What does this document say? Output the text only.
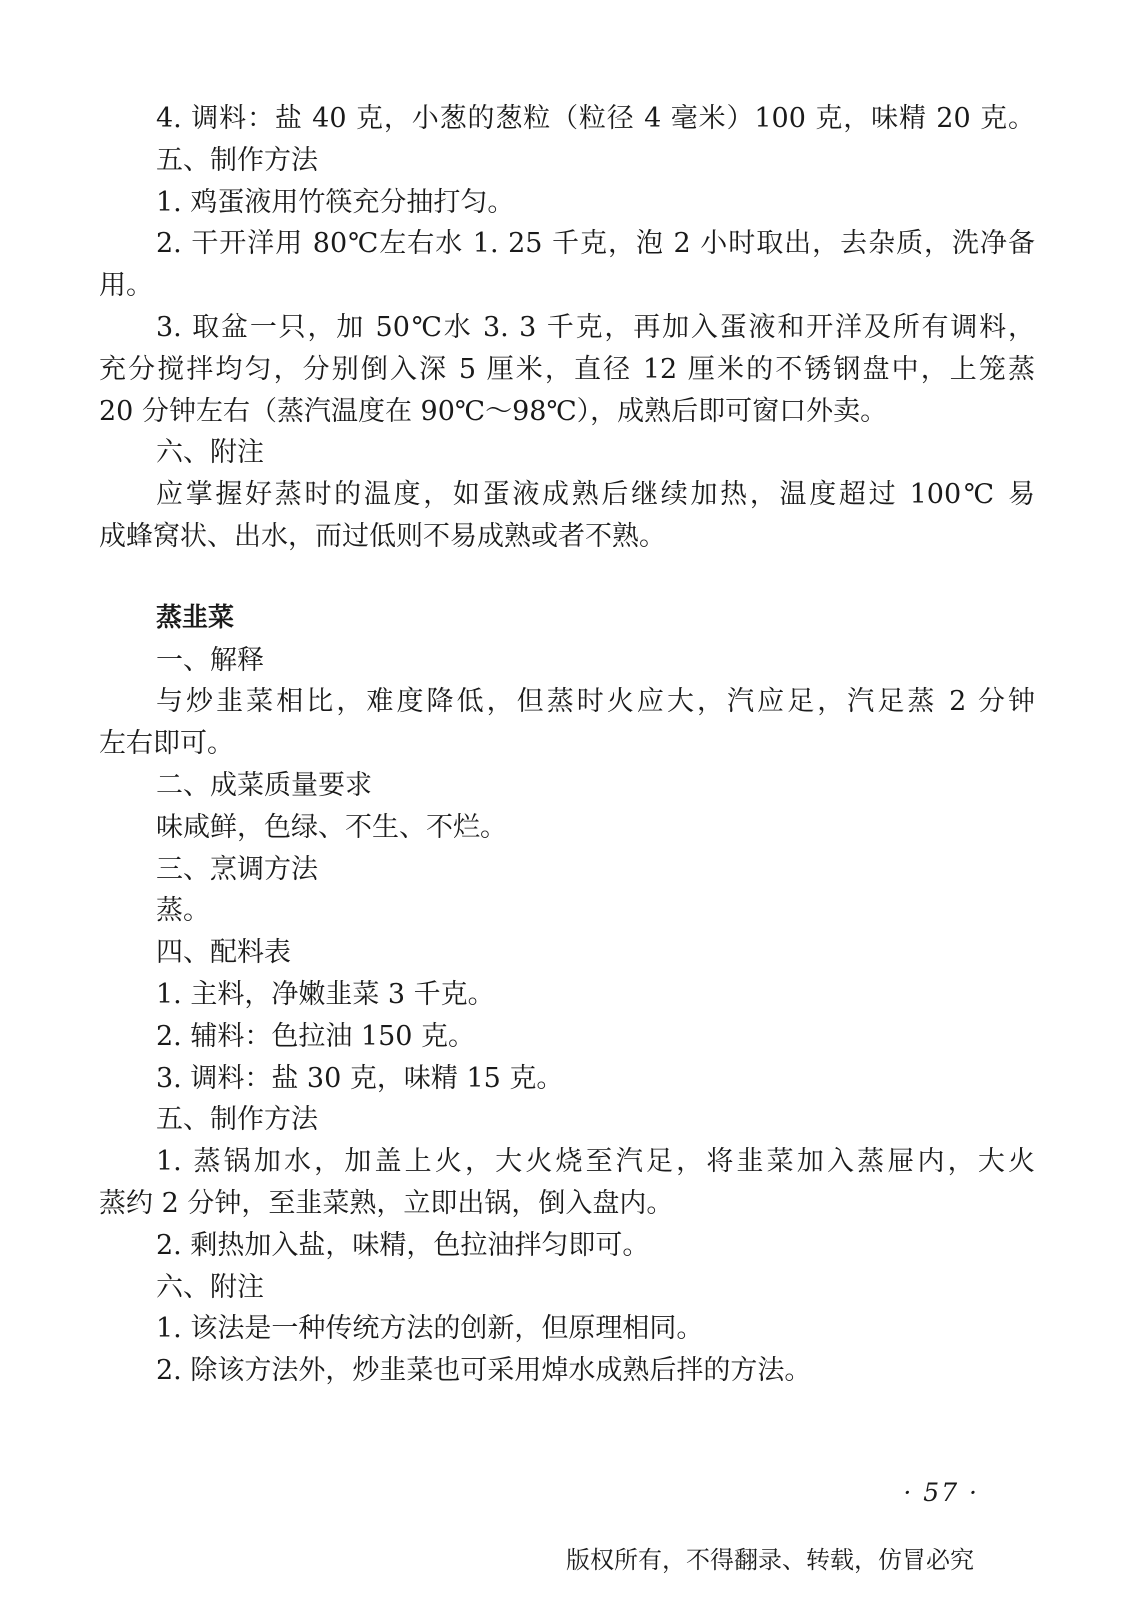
4. 调料：盐 40 克，小葱的葱粒（粒径 4 毫米）100 克，味精 20 克。
五、制作方法
1. 鸡蛋液用竹筷充分抽打匀。
2. 干开洋用 80℃左右水 1. 25 千克，泡 2 小时取出，去杂质，洗净备
用。
3. 取盆一只，加 50℃水 3. 3 千克，再加入蛋液和开洋及所有调料，
充分搅拌均匀，分别倒入深 5 厘米，直径 12 厘米的不锈钢盘中，上笼蒸
20 分钟左右（蒸汽温度在 90℃～98℃），成熟后即可窗口外卖。
六、附注
应掌握好蒸时的温度，如蛋液成熟后继续加热，温度超过 100℃ 易
成蜂窝状、出水，而过低则不易成熟或者不熟。
蒸韭菜
一、解释
与炒韭菜相比，难度降低，但蒸时火应大，汽应足，汽足蒸 2 分钟
左右即可。
二、成菜质量要求
味咸鲜，色绿、不生、不烂。
三、烹调方法
蒸。
四、配料表
1. 主料，净嫩韭菜 3 千克。
2. 辅料：色拉油 150 克。
3. 调料：盐 30 克，味精 15 克。
五、制作方法
1. 蒸锅加水，加盖上火，大火烧至汽足，将韭菜加入蒸屉内，大火
蒸约 2 分钟，至韭菜熟，立即出锅，倒入盘内。
2. 剩热加入盐，味精，色拉油拌匀即可。
六、附注
1. 该法是一种传统方法的创新，但原理相同。
2. 除该方法外，炒韭菜也可采用焯水成熟后拌的方法。
· 57 ·
版权所有，不得翻录、转载，仿冒必究
